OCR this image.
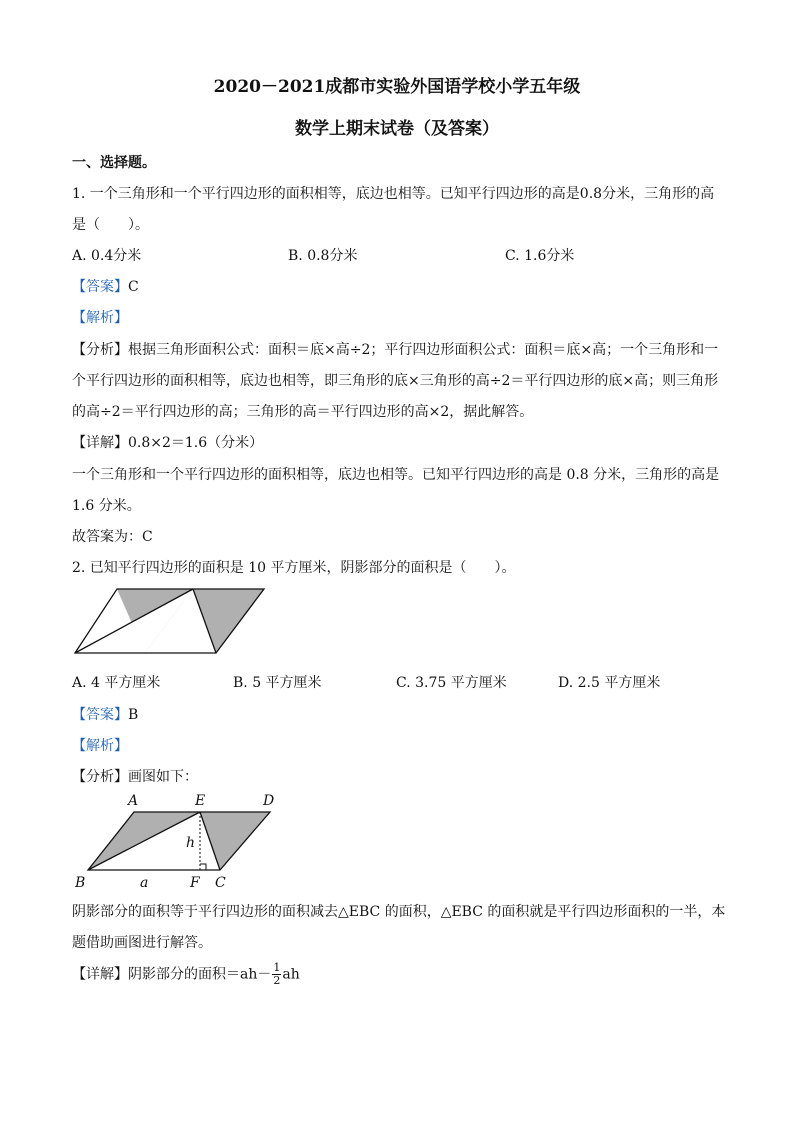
2020－2021成都市实验外国语学校小学五年级
数学上期末试卷（及答案）
一、选择题。
1. 一个三角形和一个平行四边形的面积相等，底边也相等。已知平行四边形的高是0.8分米，三角形的高
是（　　）。
A. 0.4分米	B. 0.8分米	C. 1.6分米
【答案】C
【解析】
【分析】根据三角形面积公式：面积＝底×高÷2；平行四边形面积公式：面积＝底×高；一个三角形和一
个平行四边形的面积相等，底边也相等，即三角形的底×三角形的高÷2＝平行四边形的底×高；则三角形
的高÷2＝平行四边形的高；三角形的高＝平行四边形的高×2，据此解答。
【详解】0.8×2＝1.6（分米）
一个三角形和一个平行四边形的面积相等，底边也相等。已知平行四边形的高是 0.8 分米，三角形的高是
1.6 分米。
故答案为：C
2. 已知平行四边形的面积是 10 平方厘米，阴影部分的面积是（　　）。
A. 4 平方厘米	B. 5 平方厘米	C. 3.75 平方厘米	D. 2.5 平方厘米
【答案】B
【解析】
【分析】画图如下：
A	E	D
B	F C
h
a
阴影部分的面积等于平行四边形的面积减去△EBC 的面积，△EBC 的面积就是平行四边形面积的一半，本
题借助画图进行解答。
【详解】阴影部分的面积$=ah- \frac{1}{2}$ ah
